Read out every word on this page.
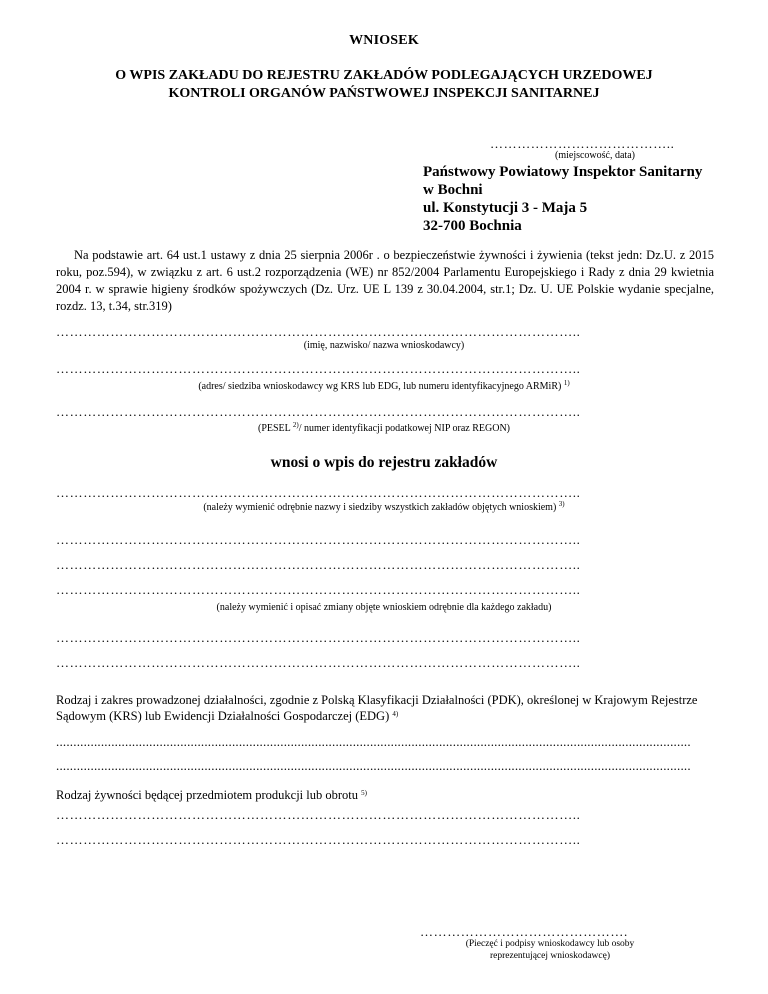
WNIOSEK
O WPIS ZAKŁADU DO REJESTRU ZAKŁADÓW PODLEGAJĄCYCH URZEDOWEJ
KONTROLI ORGANÓW PAŃSTWOWEJ INSPEKCJI SANITARNEJ
…………………………………..
(miejscowość, data)
Państwowy Powiatowy Inspektor Sanitarny
w Bochni
ul. Konstytucji 3 - Maja 5
32-700 Bochnia
Na podstawie art. 64 ust.1 ustawy z dnia 25 sierpnia 2006r . o bezpieczeństwie żywności i żywienia (tekst jedn: Dz.U. z 2015 roku, poz.594), w związku z art. 6 ust.2 rozporządzenia (WE) nr 852/2004 Parlamentu Europejskiego i Rady z dnia 29 kwietnia 2004 r. w sprawie higieny środków spożywczych (Dz. Urz. UE L 139 z 30.04.2004, str.1; Dz. U. UE Polskie wydanie specjalne, rozdz. 13, t.34, str.319)
……………………………………………………………………………………………………..
(imię, nazwisko/ nazwa wnioskodawcy)
……………………………………………………………………………………………………..
(adres/ siedziba wnioskodawcy wg KRS lub EDG, lub numeru identyfikacyjnego ARMiR) $^{1)}$
……………………………………………………………………………………………………..
(PESEL $^{2)}$/ numer identyfikacji podatkowej NIP oraz REGON)
wnosi o wpis do rejestru zakładów
……………………………………………………………………………………………………..
(należy wymienić odrębnie nazwy i siedziby wszystkich zakładów objętych wnioskiem) $^{3)}$
……………………………………………………………………………………………………..
……………………………………………………………………………………………………..
……………………………………………………………………………………………………..
(należy wymienić i opisać zmiany objęte wnioskiem odrębnie dla każdego zakładu)
……………………………………………………………………………………………………..
……………………………………………………………………………………………………..
Rodzaj i zakres prowadzonej działalności, zgodnie z Polską Klasyfikacji Działalności (PDK), określonej w Krajowym Rejestrze Sądowym (KRS) lub Ewidencji Działalności Gospodarczej (EDG) $^{4)}$
........................................................................................................................................................................................
........................................................................................................................................................................................
Rodzaj żywności będącej przedmiotem produkcji lub obrotu $^{5)}$
……………………………………………………………………………………………………..
……………………………………………………………………………………………………..
……………………………………….
(Pieczęć i podpisy wnioskodawcy lub osoby
reprezentującej wnioskodawcę)
